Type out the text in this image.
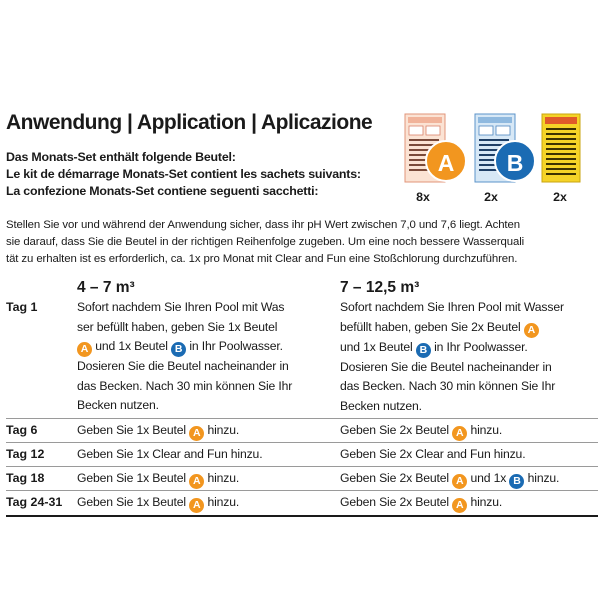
Anwendung | Application | Aplicazione
Das Monats-Set enthält folgende Beutel:
Le kit de démarrage Monats-Set contient les sachets suivants:
La confezione Monats-Set contiene seguenti sacchetti:
A	B
8x	2x	2x
Stellen Sie vor und während der Anwendung sicher, dass ihr pH Wert zwischen 7,0 und 7,6 liegt. Achten
sie darauf, dass Sie die Beutel in der richtigen Reihenfolge zugeben. Um eine noch bessere Wasserquali
tät zu erhalten ist es erforderlich, ca. 1x pro Monat mit Clear and Fun eine Stoßchlorung durchzuführen.
4 – 7 m³	7 – 12,5 m³
Tag 1	Sofort nachdem Sie Ihren Pool mit Was
ser befüllt haben, geben Sie 1x Beutel
A und 1x Beutel B in Ihr Poolwasser.
Dosieren Sie die Beutel nacheinander in
das Becken. Nach 30 min können Sie Ihr
Becken nutzen.
Sofort nachdem Sie Ihren Pool mit Wasser
befüllt haben, geben Sie 2x Beutel A
und 1x Beutel B in Ihr Poolwasser.
Dosieren Sie die Beutel nacheinander in
das Becken. Nach 30 min können Sie Ihr
Becken nutzen.
Tag 6	Geben Sie 1x Beutel A hinzu.	Geben Sie 2x Beutel A hinzu.
Tag 12	Geben Sie 1x Clear and Fun hinzu.	Geben Sie 2x Clear and Fun hinzu.
Tag 18	Geben Sie 1x Beutel A hinzu.	Geben Sie 2x Beutel A und 1x B hinzu.
Tag 24-31 Geben Sie 1x Beutel A hinzu.	Geben Sie 2x Beutel A hinzu.
